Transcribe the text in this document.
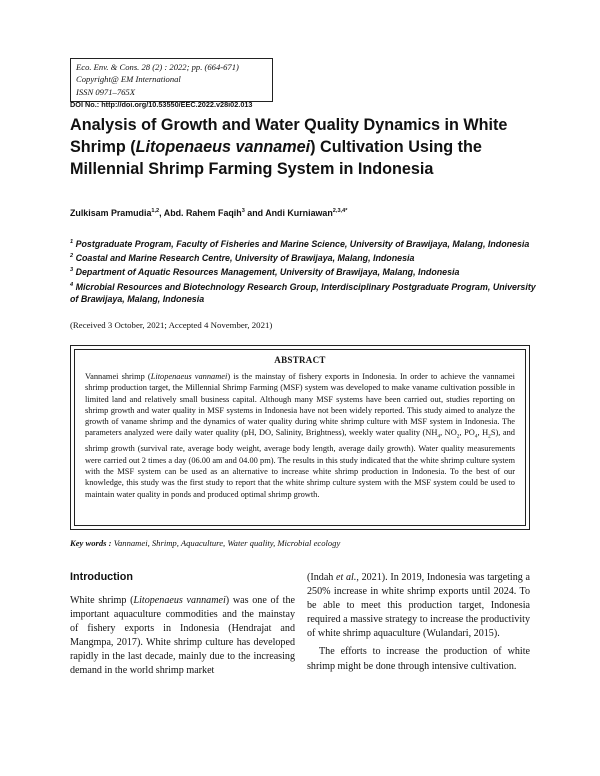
Eco. Env. & Cons. 28 (2) : 2022; pp. (664-671)
Copyright@ EM International
ISSN 0971–765X
DOI No.: http://doi.org/10.53550/EEC.2022.v28i02.013
Analysis of Growth and Water Quality Dynamics in White Shrimp (Litopenaeus vannamei) Cultivation Using the Millennial Shrimp Farming System in Indonesia
Zulkisam Pramudia$^{1,2}$, Abd. Rahem Faqih$^3$ and Andi Kurniawan$^{2,3,4*}$
$^1$ Postgraduate Program, Faculty of Fisheries and Marine Science, University of Brawijaya, Malang, Indonesia
$^2$ Coastal and Marine Research Centre, University of Brawijaya, Malang, Indonesia
$^3$ Department of Aquatic Resources Management, University of Brawijaya, Malang, Indonesia
$^4$ Microbial Resources and Biotechnology Research Group, Interdisciplinary Postgraduate Program, University of Brawijaya, Malang, Indonesia
(Received 3 October, 2021; Accepted 4 November, 2021)
ABSTRACT
Vannamei shrimp (Litopenaeus vannamei) is the mainstay of fishery exports in Indonesia. In order to achieve the vannamei shrimp production target, the Millennial Shrimp Farming (MSF) system was developed to make vaname cultivation possible in limited land and relatively small business capital. Although many MSF systems have been carried out, studies reporting on shrimp growth and water quality in MSF systems in Indonesia have not been widely reported. This study aimed to analyze the growth of vaname shrimp and the dynamics of water quality during white shrimp culture with MSF system in Indonesia. The parameters analyzed were daily water quality (pH, DO, Salinity, Brightness), weekly water quality ($NH_4$, $NO_2$, $PO_4$, $H_2S$), and shrimp growth (survival rate, average body weight, average body length, average daily growth). Water quality measurements were carried out 2 times a day (06.00 am and 04.00 pm). The results in this study indicated that the white shrimp culture system with the MSF system can be used as an alternative to increase white shrimp production in Indonesia. To the best of our knowledge, this study was the first study to report that the white shrimp culture system with the MSF system could be used to maintain water quality in ponds and produced optimal shrimp growth.
Key words : Vannamei, Shrimp, Aquaculture, Water quality, Microbial ecology
Introduction

White shrimp (Litopenaeus vannamei) was one of the important aquaculture commodities and the mainstay of fishery exports in Indonesia (Hendrajat and Mangmpa, 2017). White shrimp culture has developed rapidly in the last decade, mainly due to the increasing demand in the world shrimp market

(Indah et al., 2021). In 2019, Indonesia was targeting a 250% increase in white shrimp exports until 2024. To be able to meet this production target, Indonesia required a massive strategy to increase the productivity of white shrimp aquaculture (Wulandari, 2015).

The efforts to increase the production of white shrimp might be done through intensive cultivation.
